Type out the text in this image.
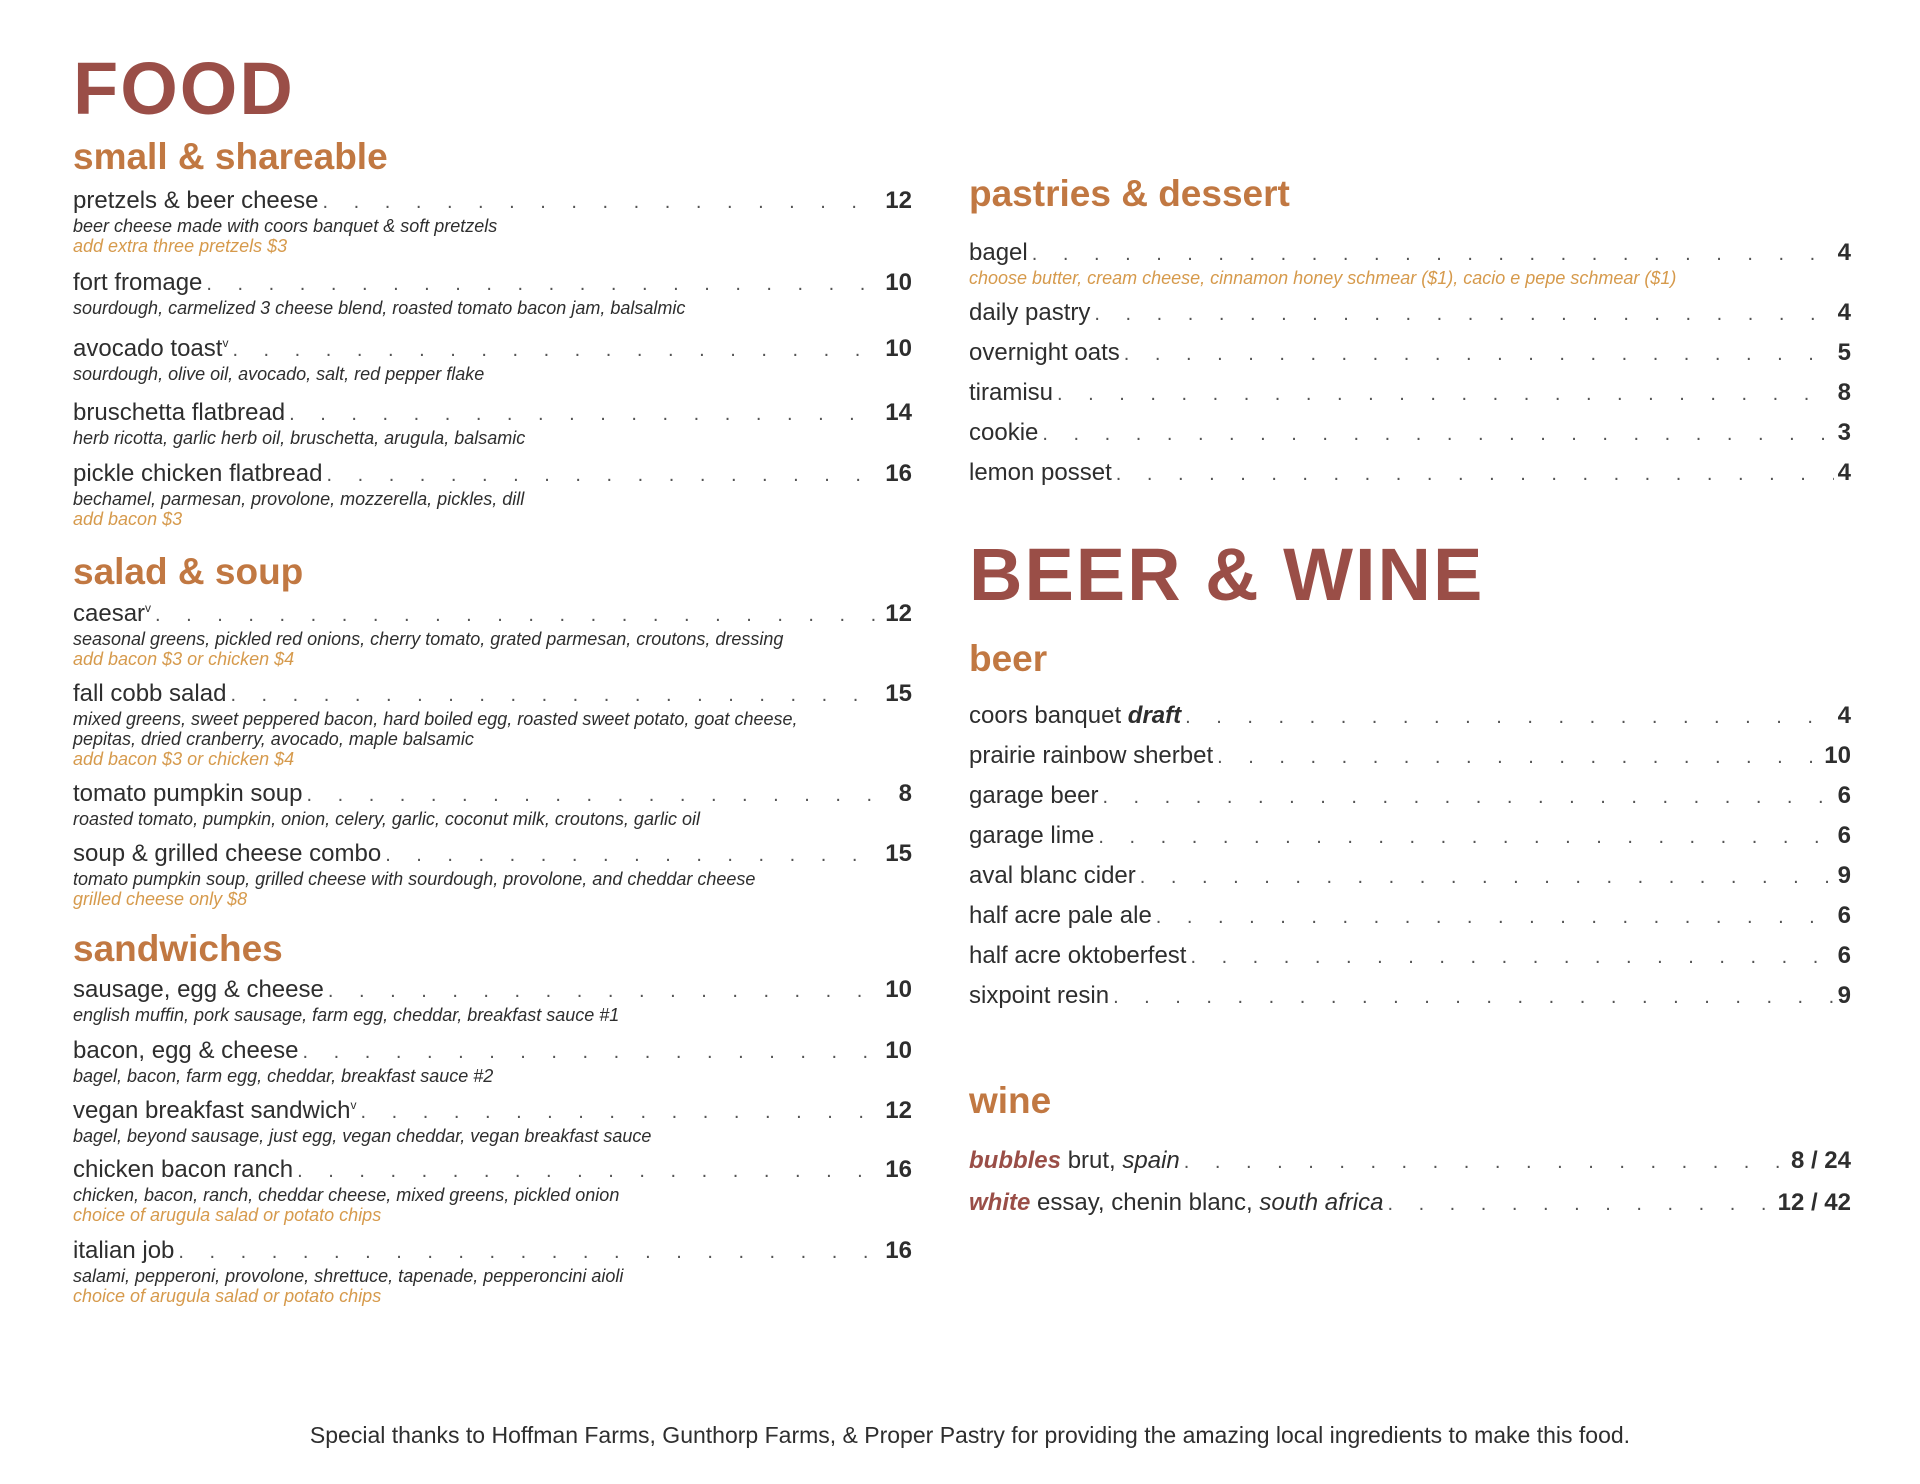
FOOD
small & shareable
pretzels & beer cheese . . .	12
beer cheese made with coors banquet & soft pretzels
add extra three pretzels $3
fort fromage . . .	10
sourdough, carmelized 3 cheese blend, roasted tomato bacon jam, balsalmic
avocado toast$^v$ . . .	10
sourdough, olive oil, avocado, salt, red pepper flake
bruschetta flatbread . . .	14
herb ricotta, garlic herb oil, bruschetta, arugula, balsamic
pickle chicken flatbread . . .	16
bechamel, parmesan, provolone, mozzerella, pickles, dill
add bacon $3
salad & soup
caesar$^v$ . . .	12
seasonal greens, pickled red onions, cherry tomato, grated parmesan, croutons, dressing
add bacon $3 or chicken $4
fall cobb salad . . .	15
mixed greens, sweet peppered bacon, hard boiled egg, roasted sweet potato, goat cheese,
pepitas, dried cranberry, avocado, maple balsamic
add bacon $3 or chicken $4
tomato pumpkin soup . . .	8
roasted tomato, pumpkin, onion, celery, garlic, coconut milk, croutons, garlic oil
soup & grilled cheese combo . . .	15
tomato pumpkin soup, grilled cheese with sourdough, provolone, and cheddar cheese
grilled cheese only $8
sandwiches
sausage, egg & cheese . . .	10
english muffin, pork sausage, farm egg, cheddar, breakfast sauce #1
bacon, egg & cheese . . .	10
bagel, bacon, farm egg, cheddar, breakfast sauce #2
vegan breakfast sandwich$^v$ . . .	12
bagel, beyond sausage, just egg, vegan cheddar, vegan breakfast sauce
chicken bacon ranch . . .	16
chicken, bacon, ranch, cheddar cheese, mixed greens, pickled onion
choice of arugula salad or potato chips
italian job . . .	16
salami, pepperoni, provolone, shrettuce, tapenade, pepperoncini aioli
choice of arugula salad or potato chips
pastries & dessert
bagel . . .	4
choose butter, cream cheese, cinnamon honey schmear ($1), cacio e pepe schmear ($1)
daily pastry . . .	4
overnight oats . . .	5
tiramisu . . .	8
cookie . . .	3
lemon posset . . .	4
BEER & WINE
beer
coors banquet draft . . .	4
prairie rainbow sherbet . . .	10
garage beer . . .	6
garage lime . . .	6
aval blanc cider . . .	9
half acre pale ale . . .	6
half acre oktoberfest . . .	6
sixpoint resin . . .	9
wine
bubbles brut, spain . . .	8 / 24
white essay, chenin blanc, south africa . . .	12 / 42
Special thanks to Hoffman Farms, Gunthorp Farms, & Proper Pastry for providing the amazing local ingredients to make this food.
